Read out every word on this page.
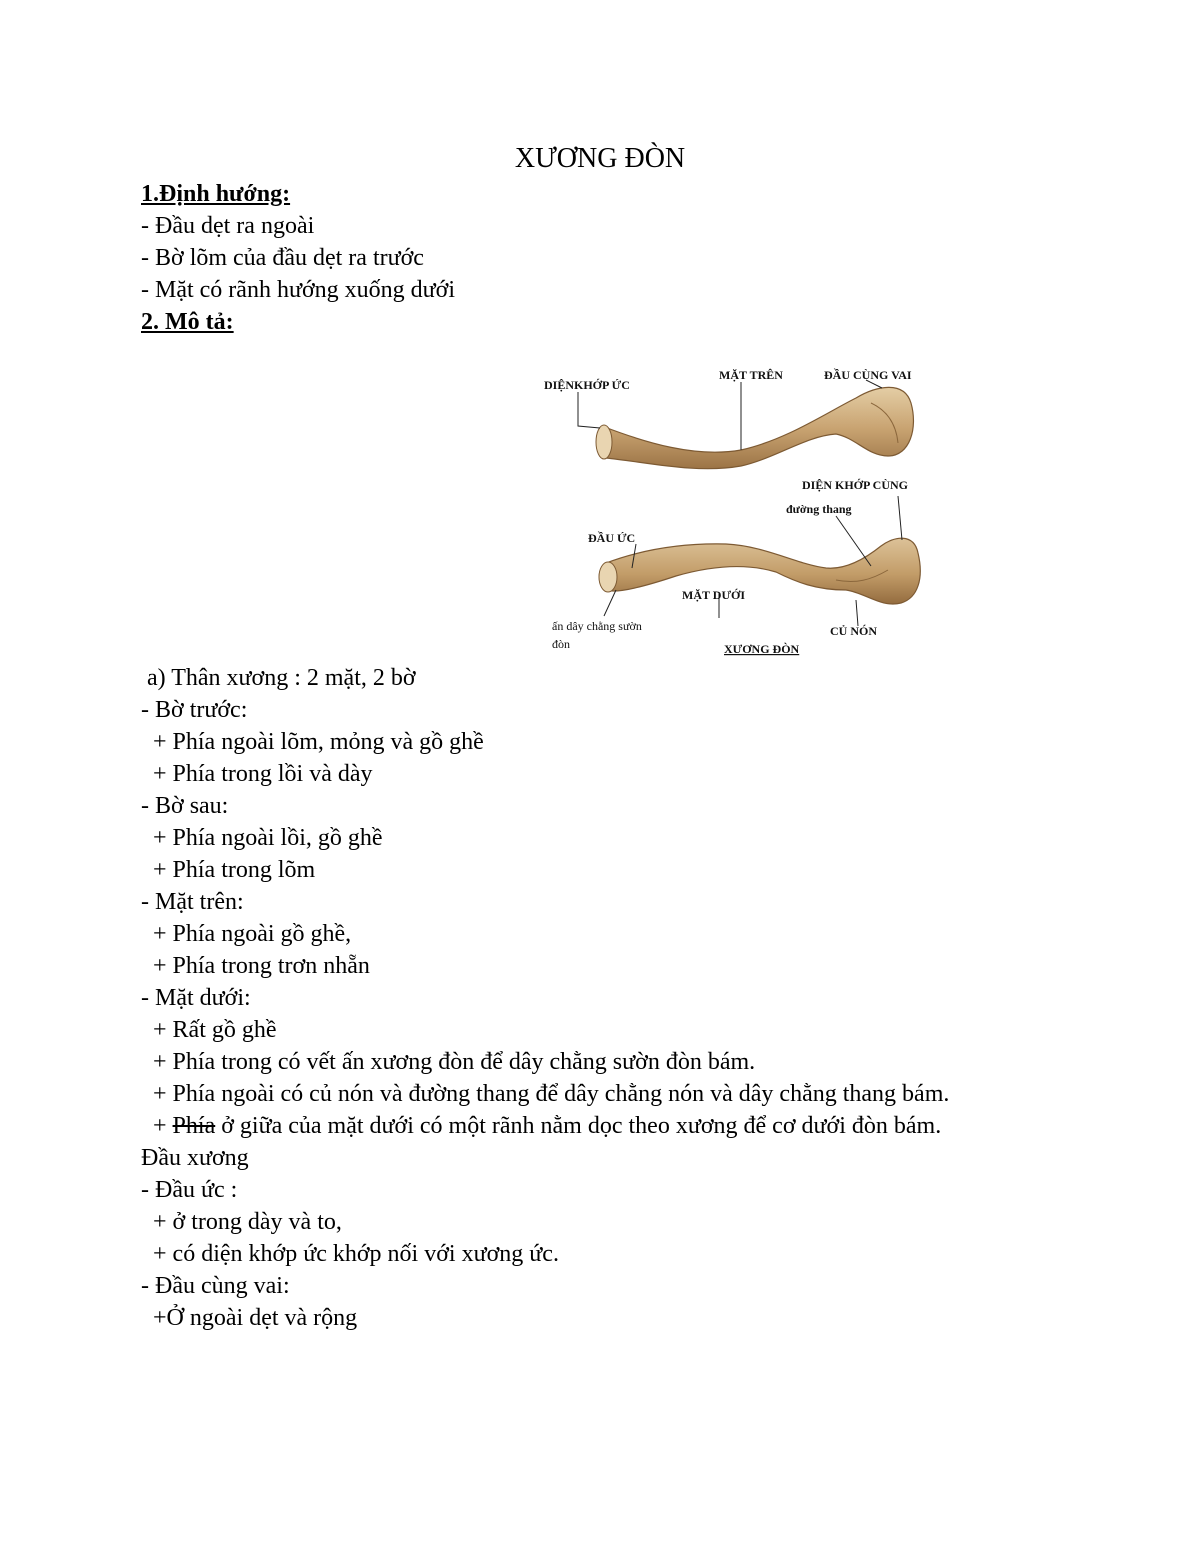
XƯƠNG ĐÒN
1.Định hướng:
- Đầu dẹt ra ngoài
- Bờ lõm của đầu dẹt ra trước
- Mặt có rãnh hướng xuống dưới
2. Mô tả:
DIỆNKHỚP ỨC
MẶT TRÊN	ĐẦU CÙNG VAI
DIỆN KHỚP CÙNG
đường thang
ĐẦU ỨC
MẶT DƯỚI
ấn dây chằng sườn
đòn
CỦ NÓN
XƯƠNG ĐÒN
a) Thân xương : 2 mặt, 2 bờ
- Bờ trước:
+ Phía ngoài lõm, mỏng và gồ ghề
+ Phía trong lồi và dày
- Bờ sau:
+ Phía ngoài lồi, gồ ghề
+ Phía trong lõm
- Mặt trên:
+ Phía ngoài gồ ghề,
+ Phía trong trơn nhẵn
- Mặt dưới:
+ Rất gồ ghề
+ Phía trong có vết ấn xương đòn để dây chằng sườn đòn bám.
+ Phía ngoài có củ nón và đường thang để dây chằng nón và dây chằng thang bám.
+ Phía ở giữa của mặt dưới có một rãnh nằm dọc theo xương để cơ dưới đòn bám.
Đầu xương
- Đầu ức :
+ ở trong dày và to,
+ có diện khớp ức khớp nối với xương ức.
- Đầu cùng vai:
+Ở ngoài dẹt và rộng
